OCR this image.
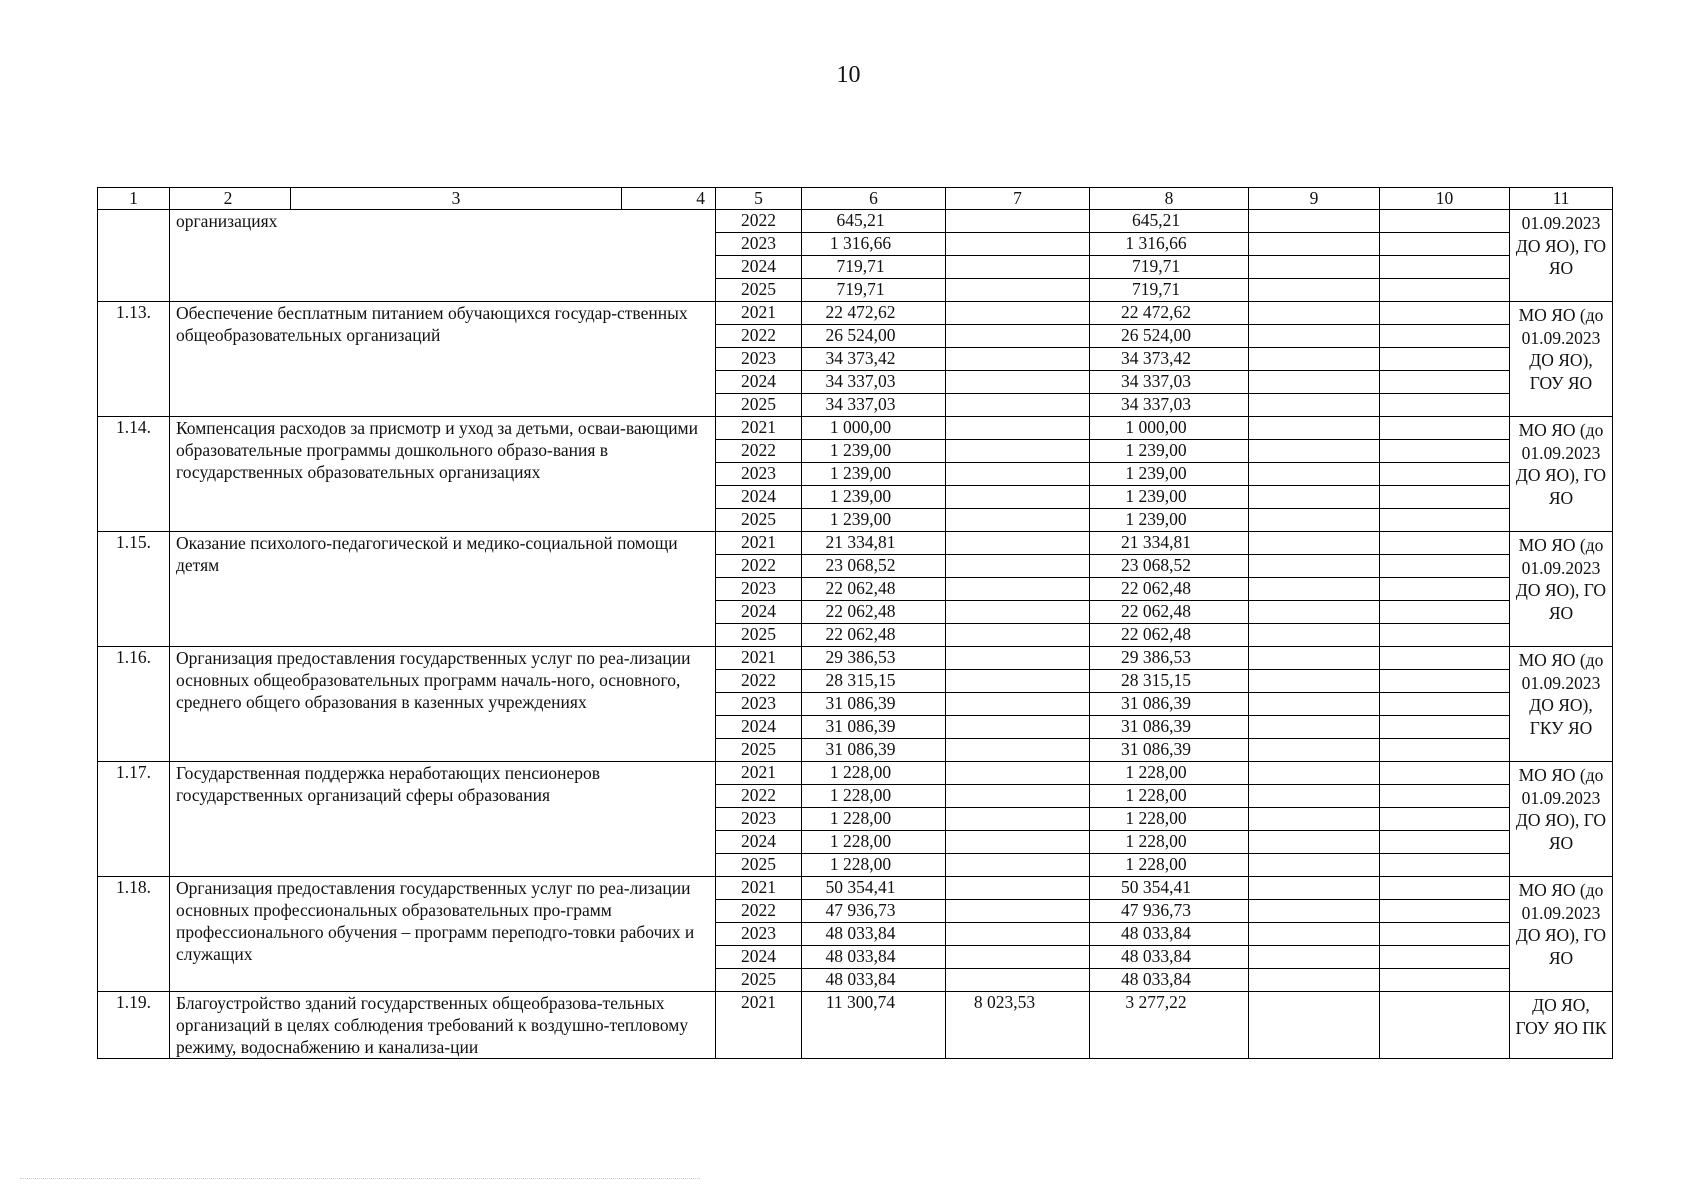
10
1	2 3 4	5	6	7	8	9	10	11
	организациях	2022	645,21		645,21			01.09.2023 ДО ЯО), ГО ЯО
		2023	1 316,66		1 316,66			
		2024	719,71		719,71			
		2025	719,71		719,71			
1.13.	Обеспечение бесплатным питанием обучающихся государ-ственных общеобразовательных организаций	2021	22 472,62		22 472,62			МО ЯО (до 01.09.2023 ДО ЯО), ГОУ ЯО
		2022	26 524,00		26 524,00			
		2023	34 373,42		34 373,42			
		2024	34 337,03		34 337,03			
		2025	34 337,03		34 337,03			
1.14.	Компенсация расходов за присмотр и уход за детьми, осваи-вающими образовательные программы дошкольного образо-вания в государственных образовательных организациях	2021	1 000,00		1 000,00			МО ЯО (до 01.09.2023 ДО ЯО), ГО ЯО
		2022	1 239,00		1 239,00			
		2023	1 239,00		1 239,00			
		2024	1 239,00		1 239,00			
		2025	1 239,00		1 239,00			
1.15.	Оказание психолого-педагогической и медико-социальной помощи детям	2021	21 334,81		21 334,81			МО ЯО (до 01.09.2023 ДО ЯО), ГО ЯО
		2022	23 068,52		23 068,52			
		2023	22 062,48		22 062,48			
		2024	22 062,48		22 062,48			
		2025	22 062,48		22 062,48			
1.16.	Организация предоставления государственных услуг по реа-лизации основных общеобразовательных программ началь-ного, основного, среднего общего образования в казенных учреждениях	2021	29 386,53		29 386,53			МО ЯО (до 01.09.2023 ДО ЯО), ГКУ ЯО
		2022	28 315,15		28 315,15			
		2023	31 086,39		31 086,39			
		2024	31 086,39		31 086,39			
		2025	31 086,39		31 086,39			
1.17.	Государственная поддержка неработающих пенсионеров государственных организаций сферы образования	2021	1 228,00		1 228,00			МО ЯО (до 01.09.2023 ДО ЯО), ГО ЯО
		2022	1 228,00		1 228,00			
		2023	1 228,00		1 228,00			
		2024	1 228,00		1 228,00			
		2025	1 228,00		1 228,00			
1.18.	Организация предоставления государственных услуг по реа-лизации основных профессиональных образовательных про-грамм профессионального обучения – программ переподго-товки рабочих и служащих	2021	50 354,41		50 354,41			МО ЯО (до 01.09.2023 ДО ЯО), ГО ЯО
		2022	47 936,73		47 936,73			
		2023	48 033,84		48 033,84			
		2024	48 033,84		48 033,84			
		2025	48 033,84		48 033,84			
1.19.	Благоустройство зданий государственных общеобразова-тельных организаций в целях соблюдения требований к воздушно-тепловому режиму, водоснабжению и канализа-ции	2021	11 300,74	8 023,53	3 277,22			ДО ЯО, ГОУ ЯО ПК
